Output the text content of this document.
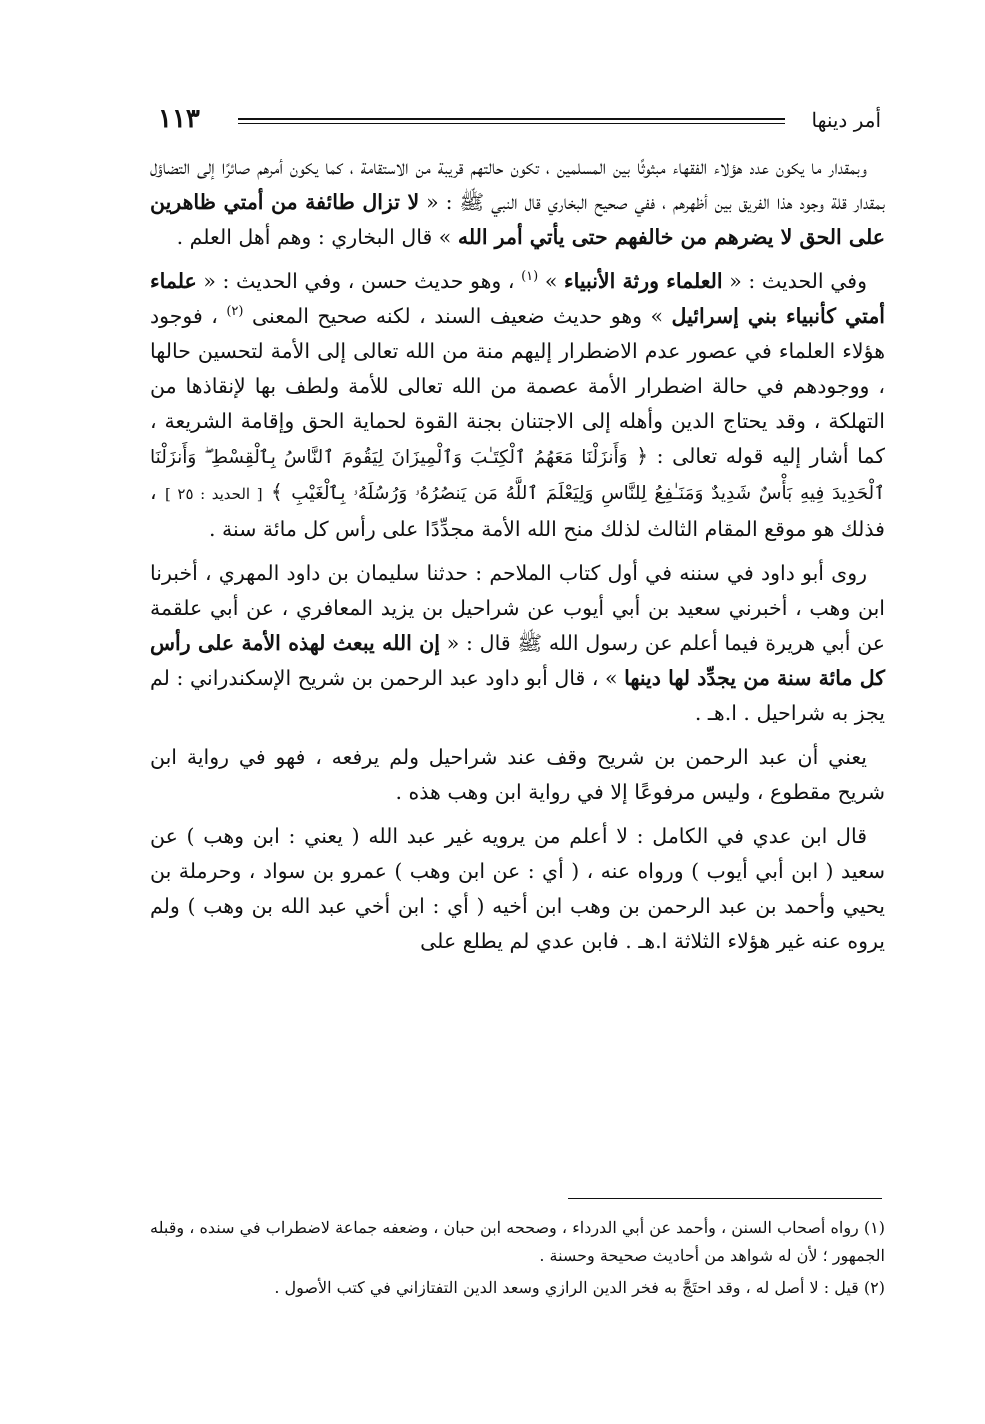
١١٣	أمر دينها

وبمقدار ما يكون عدد هؤلاء الفقهاء مبثوثًا بين المسلمين ، تكون حالتهم قريبة من الاستقامة ، كما يكون أمرهم صائرًا إلى التضاؤل بمقدار قلة وجود هذا الفريق بين أظهرهم ، ففي صحيح البخاري قال النبي ﷺ : « لا تزال طائفة من أمتي ظاهرين على الحق لا يضرهم من خالفهم حتى يأتي أمر الله » قال البخاري : وهم أهل العلم .

وفي الحديث : « العلماء ورثة الأنبياء » $^{(١)}$ ، وهو حديث حسن ، وفي الحديث : « علماء أمتي كأنبياء بني إسرائيل » وهو حديث ضعيف السند ، لكنه صحيح المعنى $^{(٢)}$ ، فوجود هؤلاء العلماء في عصور عدم الاضطرار إليهم منة من الله تعالى إلى الأمة لتحسين حالها ، ووجودهم في حالة اضطرار الأمة عصمة من الله تعالى للأمة ولطف بها لإنقاذها من التهلكة ، وقد يحتاج الدين وأهله إلى الاجتنان بجنة القوة لحماية الحق وإقامة الشريعة ، كما أشار إليه قوله تعالى : ﴿ وَأَنزَلْنَا مَعَهُمُ ٱلْكِتَـٰبَ وَٱلْمِيزَانَ لِيَقُومَ ٱلنَّاسُ بِٱلْقِسْطِ ۖ وَأَنزَلْنَا ٱلْحَدِيدَ فِيهِ بَأْسٌ شَدِيدٌ وَمَنَـٰفِعُ لِلنَّاسِ وَلِيَعْلَمَ ٱللَّهُ مَن يَنصُرُهُۥ وَرُسُلَهُۥ بِٱلْغَيْبِ ﴾ [ الحديد : ٢٥ ] ، فذلك هو موقع المقام الثالث لذلك منح الله الأمة مجدِّدًا على رأس كل مائة سنة .

روى أبو داود في سننه في أول كتاب الملاحم : حدثنا سليمان بن داود المهري ، أخبرنا ابن وهب ، أخبرني سعيد بن أبي أيوب عن شراحيل بن يزيد المعافري ، عن أبي علقمة عن أبي هريرة فيما أعلم عن رسول الله ﷺ قال : « إن الله يبعث لهذه الأمة على رأس كل مائة سنة من يجدِّد لها دينها » ، قال أبو داود عبد الرحمن بن شريح الإسكندراني : لم يجز به شراحيل . ا.هـ .

يعني أن عبد الرحمن بن شريح وقف عند شراحيل ولم يرفعه ، فهو في رواية ابن شريح مقطوع ، وليس مرفوعًا إلا في رواية ابن وهب هذه .

قال ابن عدي في الكامل : لا أعلم من يرويه غير عبد الله ( يعني : ابن وهب ) عن سعيد ( ابن أبي أيوب ) ورواه عنه ، ( أي : عن ابن وهب ) عمرو بن سواد ، وحرملة بن يحيي وأحمد بن عبد الرحمن بن وهب ابن أخيه ( أي : ابن أخي عبد الله بن وهب ) ولم يروه عنه غير هؤلاء الثلاثة ا.هـ . فابن عدي لم يطلع على

(١) رواه أصحاب السنن ، وأحمد عن أبي الدرداء ، وصححه ابن حبان ، وضعفه جماعة لاضطراب في سنده ، وقبله الجمهور ؛ لأن له شواهد من أحاديث صحيحة وحسنة .

(٢) قيل : لا أصل له ، وقد احتَجَّ به فخر الدين الرازي وسعد الدين التفتازاني في كتب الأصول .
